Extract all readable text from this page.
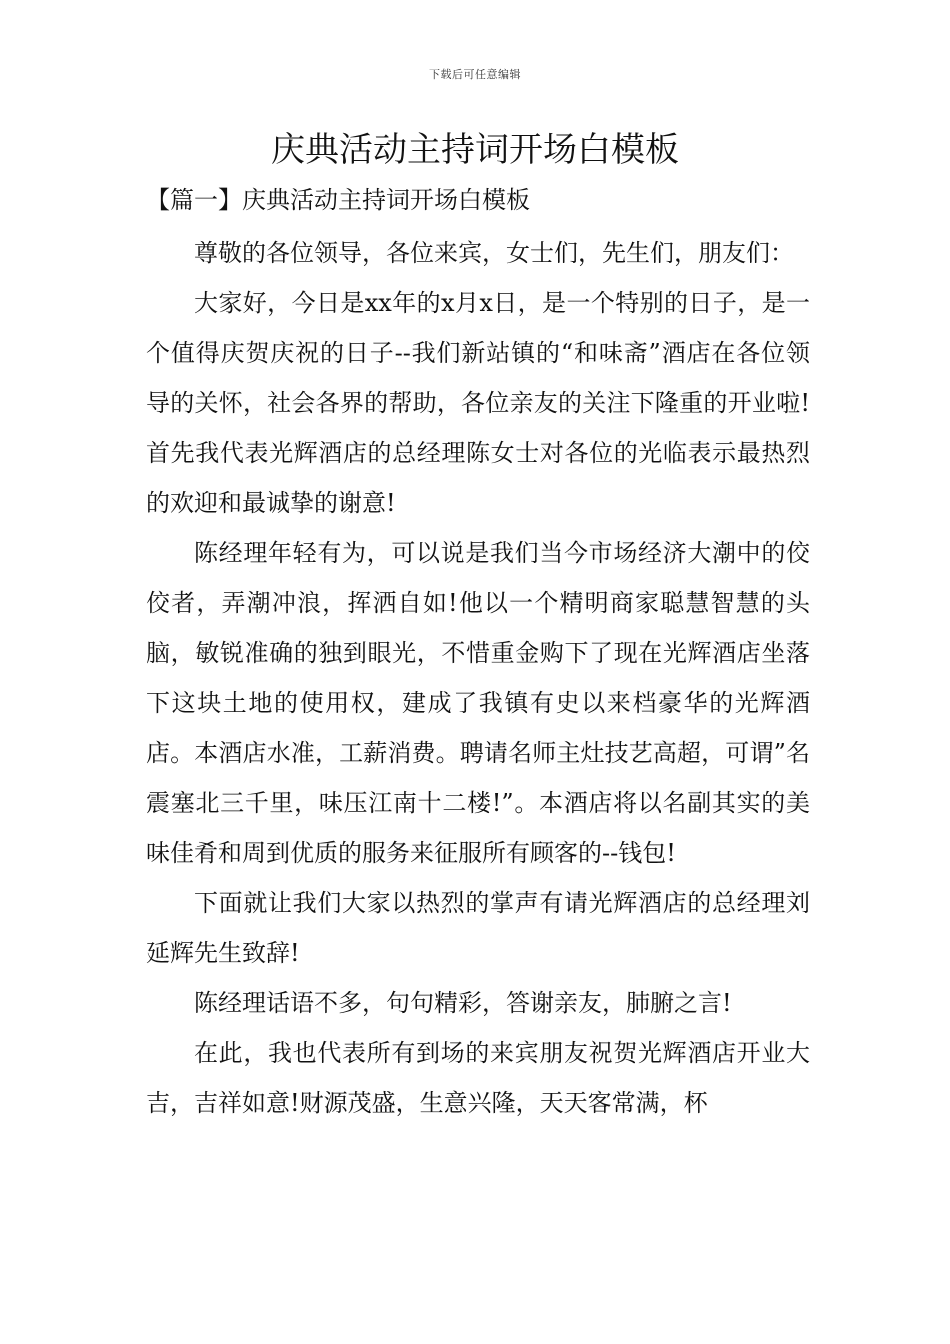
下载后可任意编辑
庆典活动主持词开场白模板
【篇一】庆典活动主持词开场白模板

尊敬的各位领导，各位来宾，女士们，先生们，朋友们：

大家好，今日是xx年的x月x日，是一个特别的日子，是一个值得庆贺庆祝的日子--我们新站镇的“和味斋”酒店在各位领导的关怀，社会各界的帮助，各位亲友的关注下隆重的开业啦!首先我代表光辉酒店的总经理陈女士对各位的光临表示最热烈的欢迎和最诚挚的谢意!

陈经理年轻有为，可以说是我们当今市场经济大潮中的佼佼者，弄潮冲浪，挥洒自如!他以一个精明商家聪慧智慧的头脑，敏锐准确的独到眼光，不惜重金购下了现在光辉酒店坐落下这块土地的使用权，建成了我镇有史以来档豪华的光辉酒店。本酒店水准，工薪消费。聘请名师主灶技艺高超，可谓”名震塞北三千里，味压江南十二楼!”。本酒店将以名副其实的美味佳肴和周到优质的服务来征服所有顾客的--钱包!

下面就让我们大家以热烈的掌声有请光辉酒店的总经理刘延辉先生致辞!

陈经理话语不多，句句精彩，答谢亲友，肺腑之言!

在此，我也代表所有到场的来宾朋友祝贺光辉酒店开业大吉，吉祥如意!财源茂盛，生意兴隆，天天客常满，杯
